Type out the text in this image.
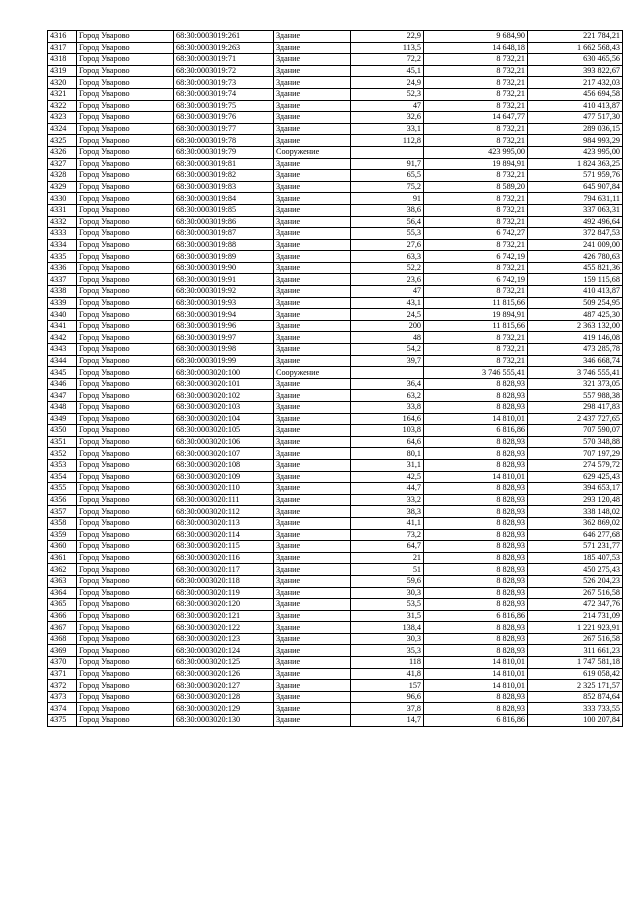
4316	Город Уварово	68:30:0003019:261	Здание	22,9	9 684,90	221 784,21
4317	Город Уварово	68:30:0003019:263	Здание	113,5	14 648,18	1 662 568,43
4318	Город Уварово	68:30:0003019:71	Здание	72,2	8 732,21	630 465,56
4319	Город Уварово	68:30:0003019:72	Здание	45,1	8 732,21	393 822,67
4320	Город Уварово	68:30:0003019:73	Здание	24,9	8 732,21	217 432,03
4321	Город Уварово	68:30:0003019:74	Здание	52,3	8 732,21	456 694,58
4322	Город Уварово	68:30:0003019:75	Здание	47	8 732,21	410 413,87
4323	Город Уварово	68:30:0003019:76	Здание	32,6	14 647,77	477 517,30
4324	Город Уварово	68:30:0003019:77	Здание	33,1	8 732,21	289 036,15
4325	Город Уварово	68:30:0003019:78	Здание	112,8	8 732,21	984 993,29
4326	Город Уварово	68:30:0003019:79	Сооружение		423 995,00	423 995,00
4327	Город Уварово	68:30:0003019:81	Здание	91,7	19 894,91	1 824 363,25
4328	Город Уварово	68:30:0003019:82	Здание	65,5	8 732,21	571 959,76
4329	Город Уварово	68:30:0003019:83	Здание	75,2	8 589,20	645 907,84
4330	Город Уварово	68:30:0003019:84	Здание	91	8 732,21	794 631,11
4331	Город Уварово	68:30:0003019:85	Здание	38,6	8 732,21	337 063,31
4332	Город Уварово	68:30:0003019:86	Здание	56,4	8 732,21	492 496,64
4333	Город Уварово	68:30:0003019:87	Здание	55,3	6 742,27	372 847,53
4334	Город Уварово	68:30:0003019:88	Здание	27,6	8 732,21	241 009,00
4335	Город Уварово	68:30:0003019:89	Здание	63,3	6 742,19	426 780,63
4336	Город Уварово	68:30:0003019:90	Здание	52,2	8 732,21	455 821,36
4337	Город Уварово	68:30:0003019:91	Здание	23,6	6 742,19	159 115,68
4338	Город Уварово	68:30:0003019:92	Здание	47	8 732,21	410 413,87
4339	Город Уварово	68:30:0003019:93	Здание	43,1	11 815,66	509 254,95
4340	Город Уварово	68:30:0003019:94	Здание	24,5	19 894,91	487 425,30
4341	Город Уварово	68:30:0003019:96	Здание	200	11 815,66	2 363 132,00
4342	Город Уварово	68:30:0003019:97	Здание	48	8 732,21	419 146,08
4343	Город Уварово	68:30:0003019:98	Здание	54,2	8 732,21	473 285,78
4344	Город Уварово	68:30:0003019:99	Здание	39,7	8 732,21	346 668,74
4345	Город Уварово	68:30:0003020:100	Сооружение		3 746 555,41	3 746 555,41
4346	Город Уварово	68:30:0003020:101	Здание	36,4	8 828,93	321 373,05
4347	Город Уварово	68:30:0003020:102	Здание	63,2	8 828,93	557 988,38
4348	Город Уварово	68:30:0003020:103	Здание	33,8	8 828,93	298 417,83
4349	Город Уварово	68:30:0003020:104	Здание	164,6	14 810,01	2 437 727,65
4350	Город Уварово	68:30:0003020:105	Здание	103,8	6 816,86	707 590,07
4351	Город Уварово	68:30:0003020:106	Здание	64,6	8 828,93	570 348,88
4352	Город Уварово	68:30:0003020:107	Здание	80,1	8 828,93	707 197,29
4353	Город Уварово	68:30:0003020:108	Здание	31,1	8 828,93	274 579,72
4354	Город Уварово	68:30:0003020:109	Здание	42,5	14 810,01	629 425,43
4355	Город Уварово	68:30:0003020:110	Здание	44,7	8 828,93	394 653,17
4356	Город Уварово	68:30:0003020:111	Здание	33,2	8 828,93	293 120,48
4357	Город Уварово	68:30:0003020:112	Здание	38,3	8 828,93	338 148,02
4358	Город Уварово	68:30:0003020:113	Здание	41,1	8 828,93	362 869,02
4359	Город Уварово	68:30:0003020:114	Здание	73,2	8 828,93	646 277,68
4360	Город Уварово	68:30:0003020:115	Здание	64,7	8 828,93	571 231,77
4361	Город Уварово	68:30:0003020:116	Здание	21	8 828,93	185 407,53
4362	Город Уварово	68:30:0003020:117	Здание	51	8 828,93	450 275,43
4363	Город Уварово	68:30:0003020:118	Здание	59,6	8 828,93	526 204,23
4364	Город Уварово	68:30:0003020:119	Здание	30,3	8 828,93	267 516,58
4365	Город Уварово	68:30:0003020:120	Здание	53,5	8 828,93	472 347,76
4366	Город Уварово	68:30:0003020:121	Здание	31,5	6 816,86	214 731,09
4367	Город Уварово	68:30:0003020:122	Здание	138,4	8 828,93	1 221 923,91
4368	Город Уварово	68:30:0003020:123	Здание	30,3	8 828,93	267 516,58
4369	Город Уварово	68:30:0003020:124	Здание	35,3	8 828,93	311 661,23
4370	Город Уварово	68:30:0003020:125	Здание	118	14 810,01	1 747 581,18
4371	Город Уварово	68:30:0003020:126	Здание	41,8	14 810,01	619 058,42
4372	Город Уварово	68:30:0003020:127	Здание	157	14 810,01	2 325 171,57
4373	Город Уварово	68:30:0003020:128	Здание	96,6	8 828,93	852 874,64
4374	Город Уварово	68:30:0003020:129	Здание	37,8	8 828,93	333 733,55
4375	Город Уварово	68:30:0003020:130	Здание	14,7	6 816,86	100 207,84
